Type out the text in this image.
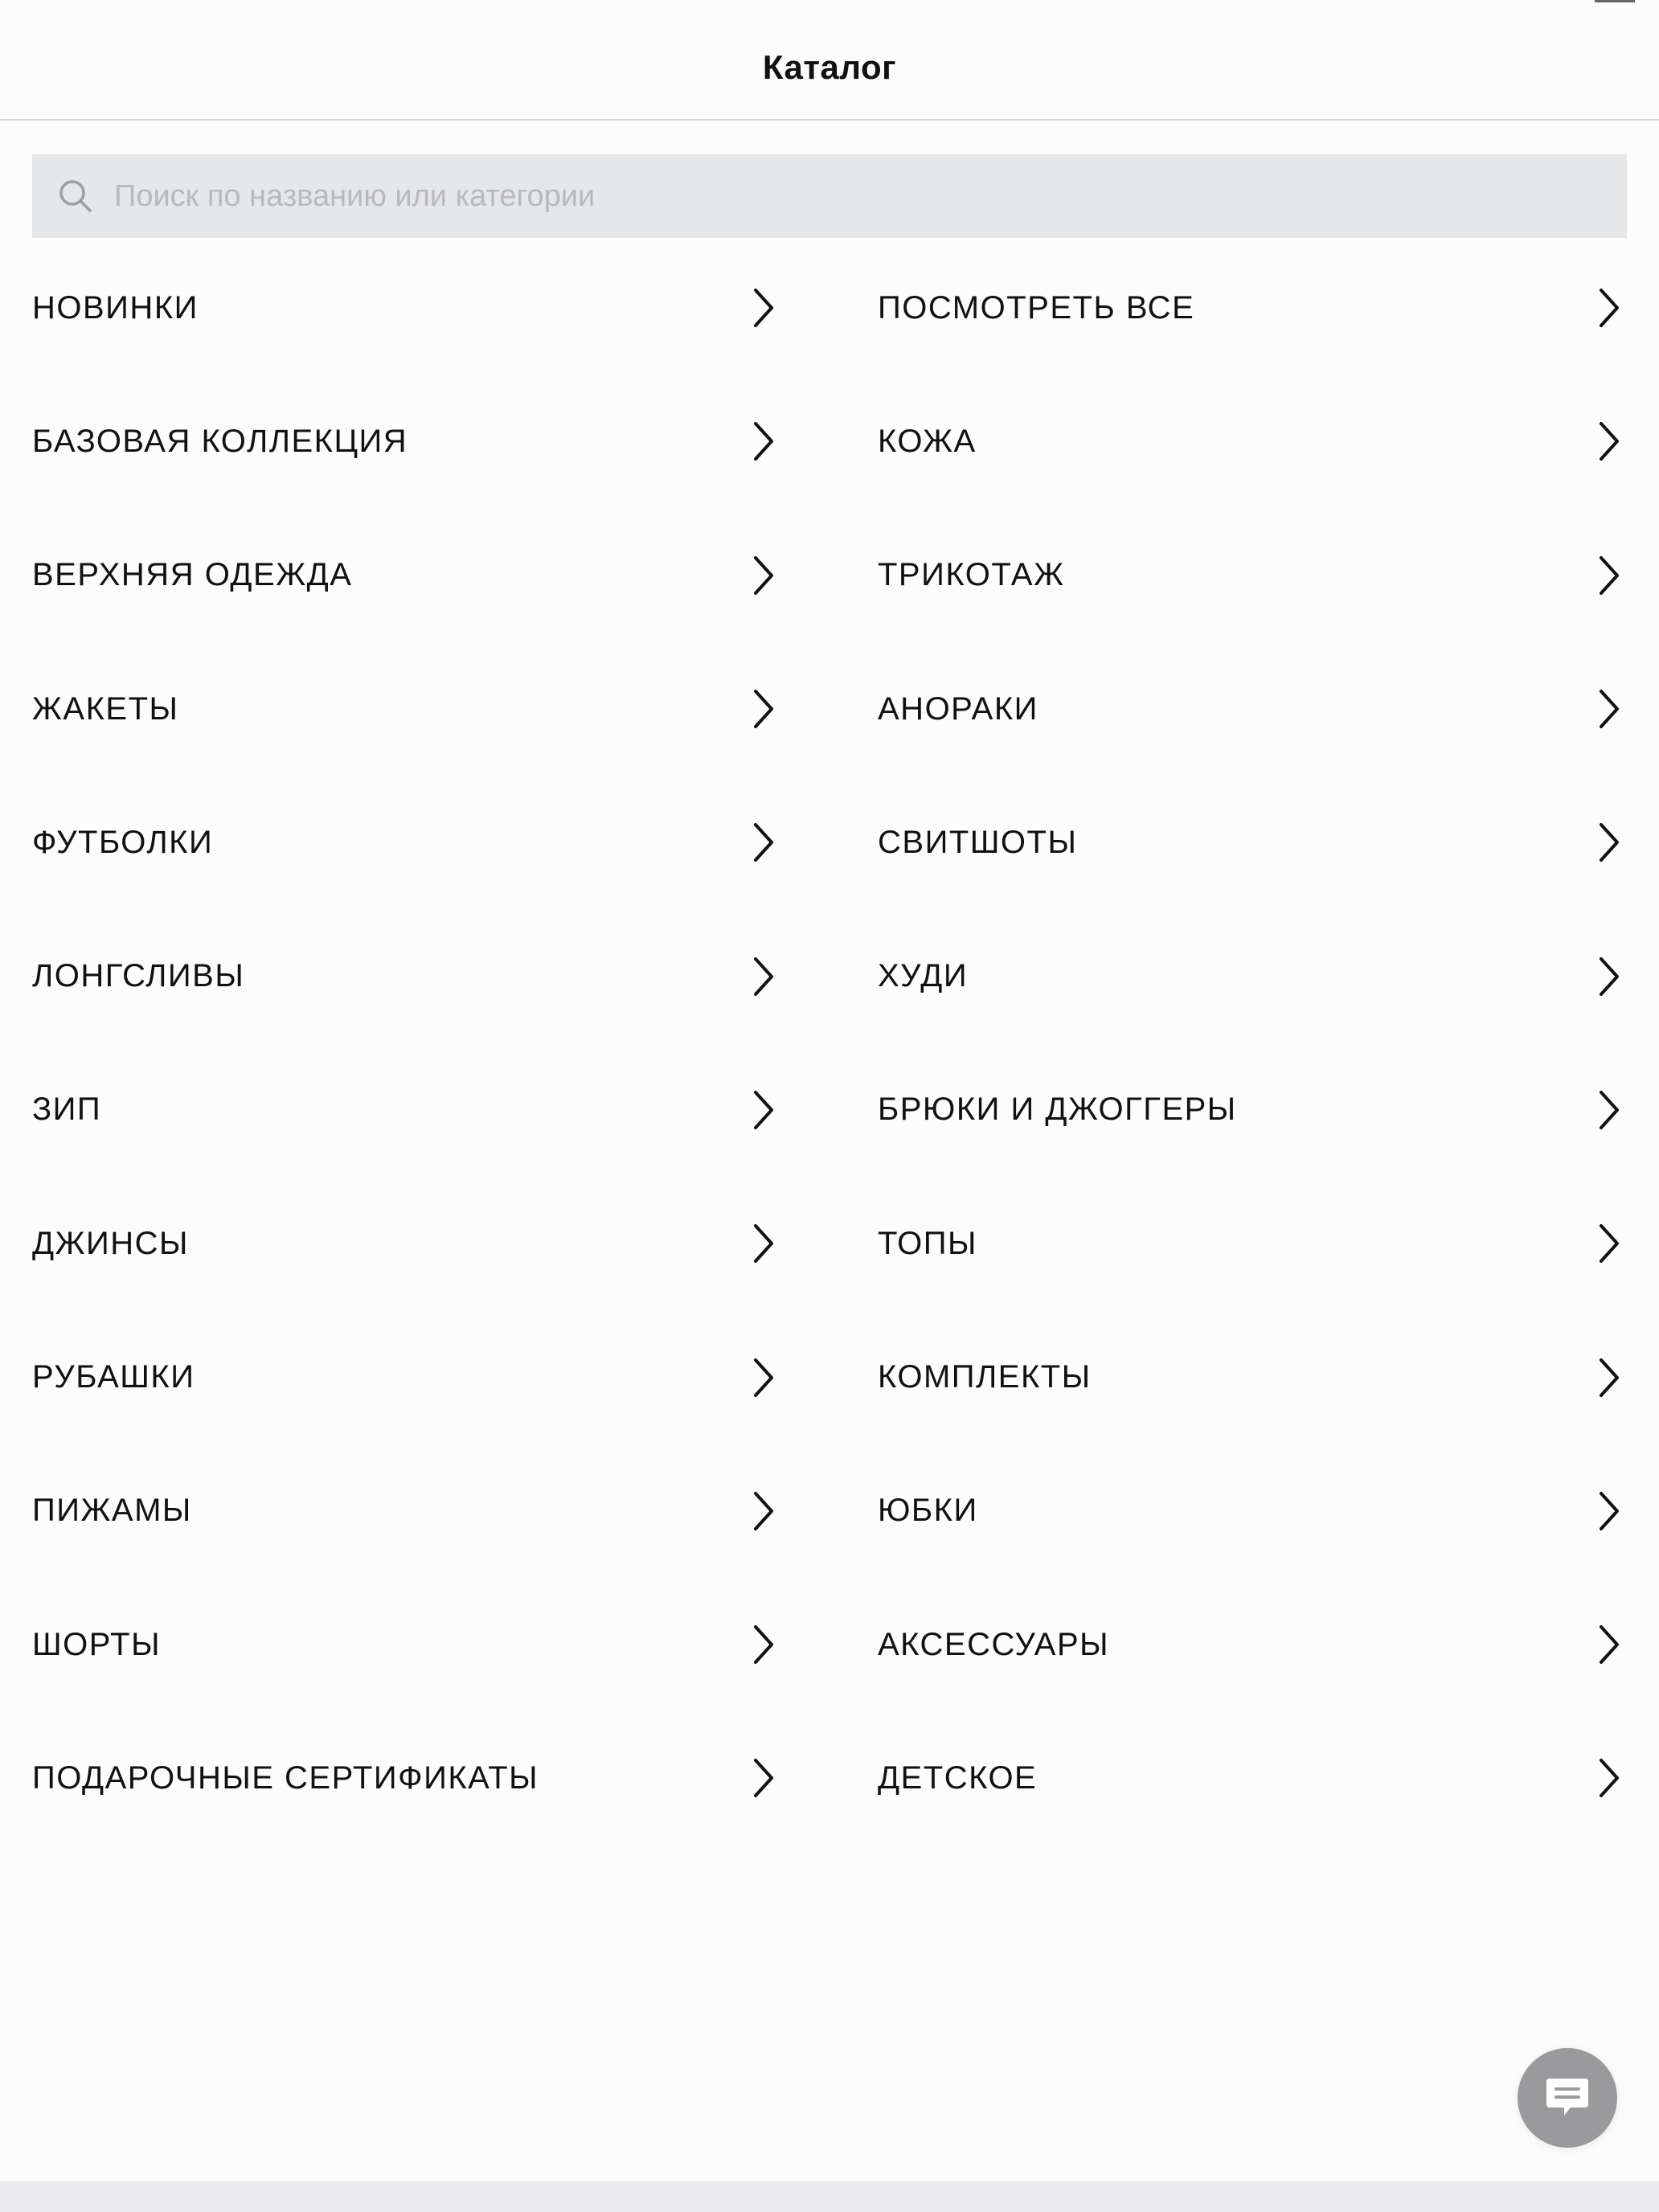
Каталог
Поиск по названию или категории
НОВИНКИ
БАЗОВАЯ КОЛЛЕКЦИЯ
ВЕРХНЯЯ ОДЕЖДА
ЖАКЕТЫ
ФУТБОЛКИ
ЛОНГСЛИВЫ
ЗИП
ДЖИНСЫ
РУБАШКИ
ПИЖАМЫ
ШОРТЫ
ПОДАРОЧНЫЕ СЕРТИФИКАТЫ
ПОСМОТРЕТЬ ВСЕ
КОЖА
ТРИКОТАЖ
АНОРАКИ
СВИТШОТЫ
ХУДИ
БРЮКИ И ДЖОГГЕРЫ
ТОПЫ
КОМПЛЕКТЫ
ЮБКИ
АКСЕССУАРЫ
ДЕТСКОЕ
